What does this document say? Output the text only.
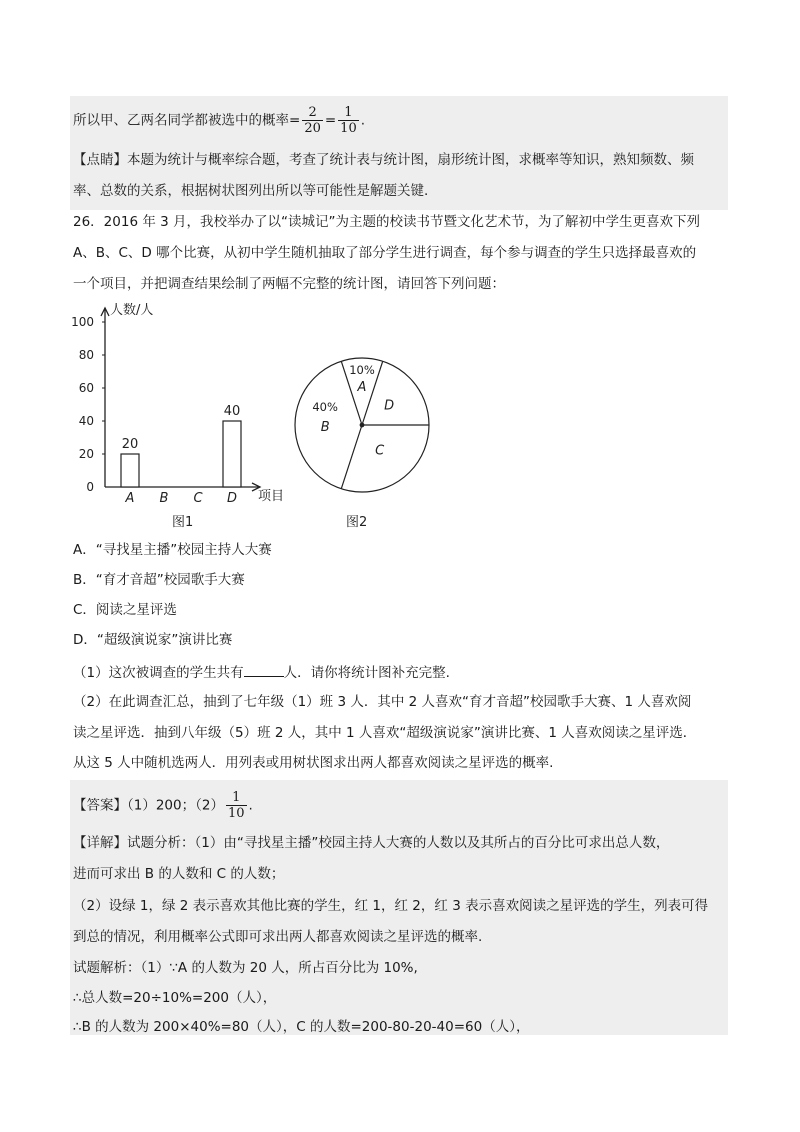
所以甲、乙两名同学都被选中的概率= $\frac{2}{20} = \frac{1}{10}$ .
【点睛】本题为统计与概率综合题，考查了统计表与统计图，扇形统计图，求概率等知识，熟知频数、频
率、总数的关系，根据树状图列出所以等可能性是解题关键.
26．2016 年 3 月，我校举办了以“读城记”为主题的校读书节暨文化艺术节，为了解初中学生更喜欢下列
A、B、C、D 哪个比赛，从初中学生随机抽取了部分学生进行调查，每个参与调查的学生只选择最喜欢的
一个项目，并把调查结果绘制了两幅不完整的统计图，请回答下列问题：
0
20
40
60
80
100
20
40
A B C D
人数/人
项目
图1
A
10%
D
C
B
40%
图2
A．“寻找星主播”校园主持人大赛
B．“育才音超”校园歌手大赛
C．阅读之星评选
D．“超级演说家”演讲比赛
（1）这次被调查的学生共有	人．请你将统计图补充完整.
（2）在此调查汇总，抽到了七年级（1）班 3 人．其中 2 人喜欢“育才音超”校园歌手大赛、1 人喜欢阅
读之星评选．抽到八年级（5）班 2 人，其中 1 人喜欢“超级演说家”演讲比赛、1 人喜欢阅读之星评选．
从这 5 人中随机选两人．用列表或用树状图求出两人都喜欢阅读之星评选的概率.
【答案】（1）200；$(2) \frac{1}{10}$ .
【详解】试题分析：（1）由“寻找星主播”校园主持人大赛的人数以及其所占的百分比可求出总人数，
进而可求出 B 的人数和 C 的人数；
（2）设绿 1，绿 2 表示喜欢其他比赛的学生，红 1，红 2，红 3 表示喜欢阅读之星评选的学生，列表可得
到总的情况，利用概率公式即可求出两人都喜欢阅读之星评选的概率.
试题解析：（1）∵A 的人数为 20 人，所占百分比为 10%,
∴总人数=20÷10%=200（人），
∴B 的人数为 200×40%=80（人），C 的人数=200-80-20-40=60（人），
